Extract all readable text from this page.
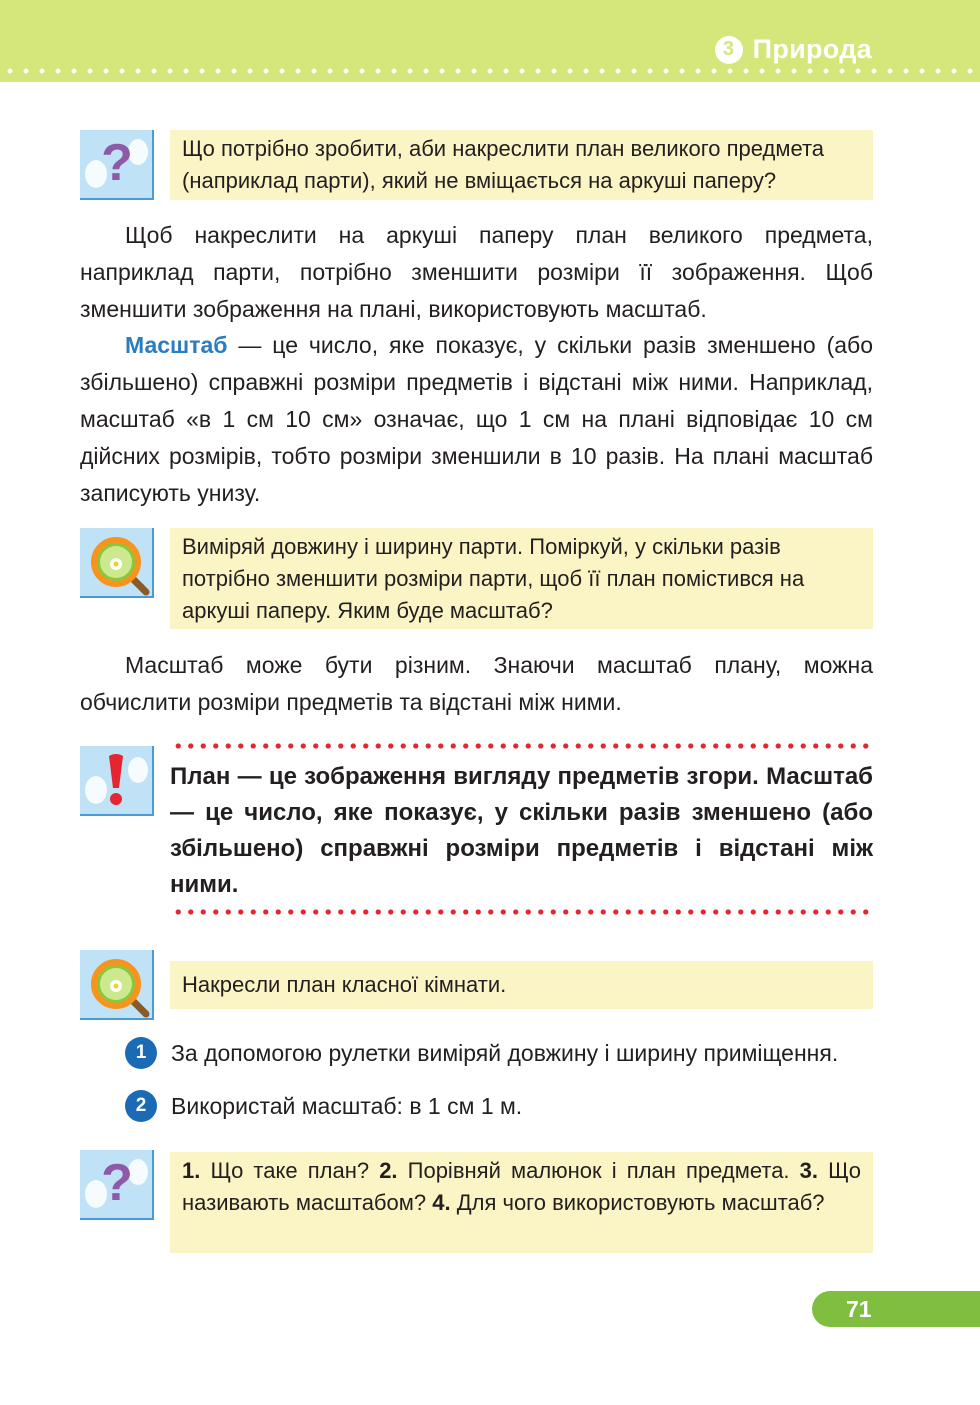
3 Природа
?	Що потрібно зробити, аби накреслити план великого предмета (наприклад парти), який не вміщається на аркуші паперу?

Щоб накреслити на аркуші паперу план великого предмета, наприклад парти, потрібно зменшити розміри її зображення. Щоб зменшити зображення на плані, використовують масштаб.

Масштаб — це число, яке показує, у скільки разів зменшено (або збільшено) справжні розміри предметів і відстані між ними. Наприклад, масштаб «в 1 см 10 см» означає, що 1 см на плані відповідає 10 см дійсних розмірів, тобто розміри зменшили в 10 разів. На плані масштаб записують унизу.

Виміряй довжину і ширину парти. Поміркуй, у скільки разів потрібно зменшити розміри парти, щоб її план помістився на аркуші паперу. Яким буде масштаб?

Масштаб може бути різним. Знаючи масштаб плану, можна обчислити розміри предметів та відстані між ними.

План — це зображення вигляду предметів згори. Масштаб — це число, яке показує, у скільки разів зменшено (або збільшено) справжні розміри предметів і відстані між ними.
Накресли план класної кімнати.
1	За допомогою рулетки виміряй довжину і ширину приміщення.
2	Використай масштаб: в 1 см 1 м.
?	1. Що таке план? 2. Порівняй малюнок і план предмета. 3. Що називають масштабом? 4. Для чого використовують масштаб?
71
